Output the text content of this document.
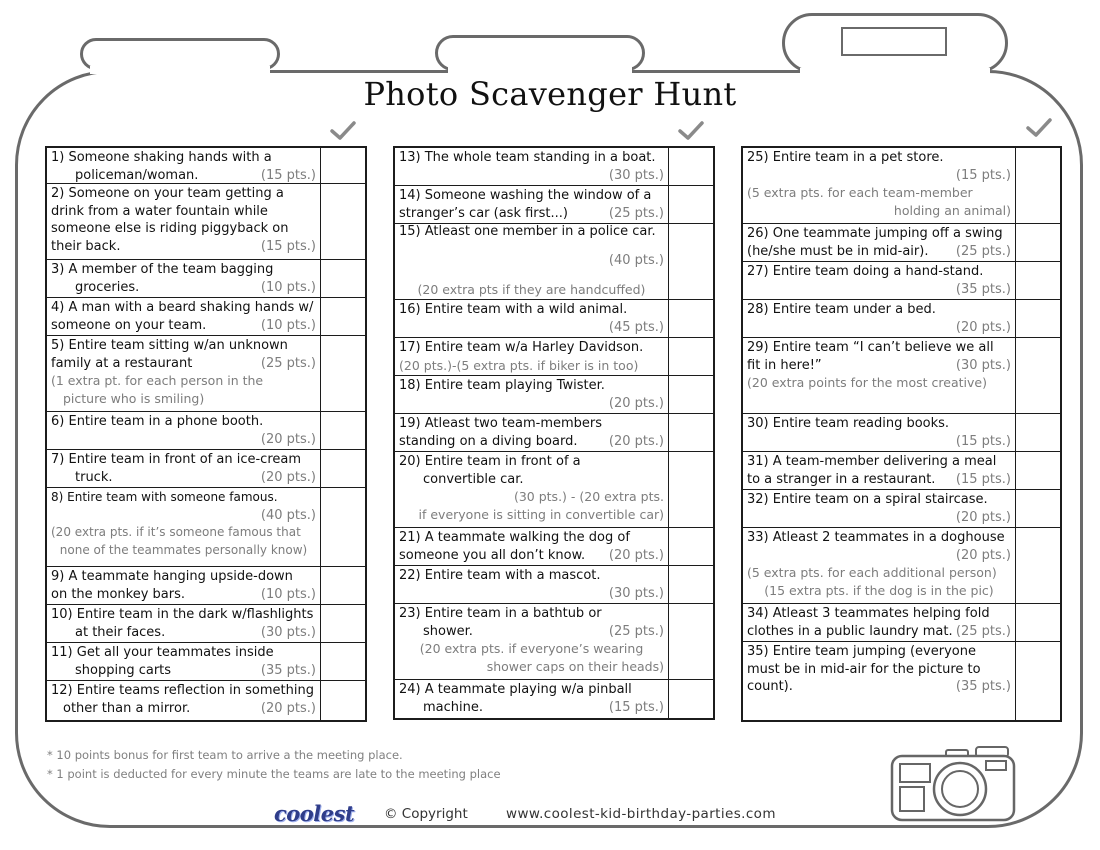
Photo Scavenger Hunt
1) Someone shaking hands with a
(15 pts.)
policeman/woman.
2) Someone on your team getting a
drink from a water fountain while
someone else is riding piggyback on
(15 pts.)
their back.
3) A member of the team bagging
(10 pts.)
groceries.
4) A man with a beard shaking hands w/
(10 pts.)
someone on your team.
5) Entire team sitting w/an unknown
(25 pts.)
family at a restaurant
(1 extra pt. for each person in the
picture who is smiling)
6) Entire team in a phone booth.
(20 pts.)
7) Entire team in front of an ice-cream
(20 pts.)
truck.
8) Entire team with someone famous.
(40 pts.)
(20 extra pts. if it’s someone famous that
none of the teammates personally know)
9) A teammate hanging upside-down
(10 pts.)
on the monkey bars.
10) Entire team in the dark w/flashlights
(30 pts.)
at their faces.
11) Get all your teammates inside
(35 pts.)
shopping carts
12) Entire teams reflection in something
(20 pts.)
other than a mirror.
13) The whole team standing in a boat.
(30 pts.)
14) Someone washing the window of a
(25 pts.)
stranger’s car (ask first...)
15) Atleast one member in a police car.

(40 pts.)

(20 extra pts if they are handcuffed)
16) Entire team with a wild animal.
(45 pts.)
17) Entire team w/a Harley Davidson.
(20 pts.)-(5 extra pts. if biker is in too)
18) Entire team playing Twister.
(20 pts.)
19) Atleast two team-members
(20 pts.)
standing on a diving board.
20) Entire team in front of a
convertible car.
(30 pts.) - (20 extra pts.
if everyone is sitting in convertible car)
21) A teammate walking the dog of
(20 pts.)
someone you all don’t know.
22) Entire team with a mascot.
(30 pts.)
23) Entire team in a bathtub or
(25 pts.)
shower.
(20 extra pts. if everyone’s wearing
shower caps on their heads)
24) A teammate playing w/a pinball
(15 pts.)
machine.
25) Entire team in a pet store.
(15 pts.)
(5 extra pts. for each team-member
holding an animal)
26) One teammate jumping off a swing
(25 pts.)
(he/she must be in mid-air).
27) Entire team doing a hand-stand.
(35 pts.)
28) Entire team under a bed.
(20 pts.)
29) Entire team “I can’t believe we all
(30 pts.)
fit in here!”
(20 extra points for the most creative)
30) Entire team reading books.
(15 pts.)
31) A team-member delivering a meal
(15 pts.)
to a stranger in a restaurant.
32) Entire team on a spiral staircase.
(20 pts.)
33) Atleast 2 teammates in a doghouse
(20 pts.)
(5 extra pts. for each additional person)
(15 extra pts. if the dog is in the pic)
34) Atleast 3 teammates helping fold
(25 pts.)
clothes in a public laundry mat.
35) Entire team jumping (everyone
must be in mid-air for the picture to
(35 pts.)
count).
* 10 points bonus for first team to arrive a the meeting place.
* 1 point is deducted for every minute the teams are late to the meeting place
coolest © Copyright	www.coolest-kid-birthday-parties.com
